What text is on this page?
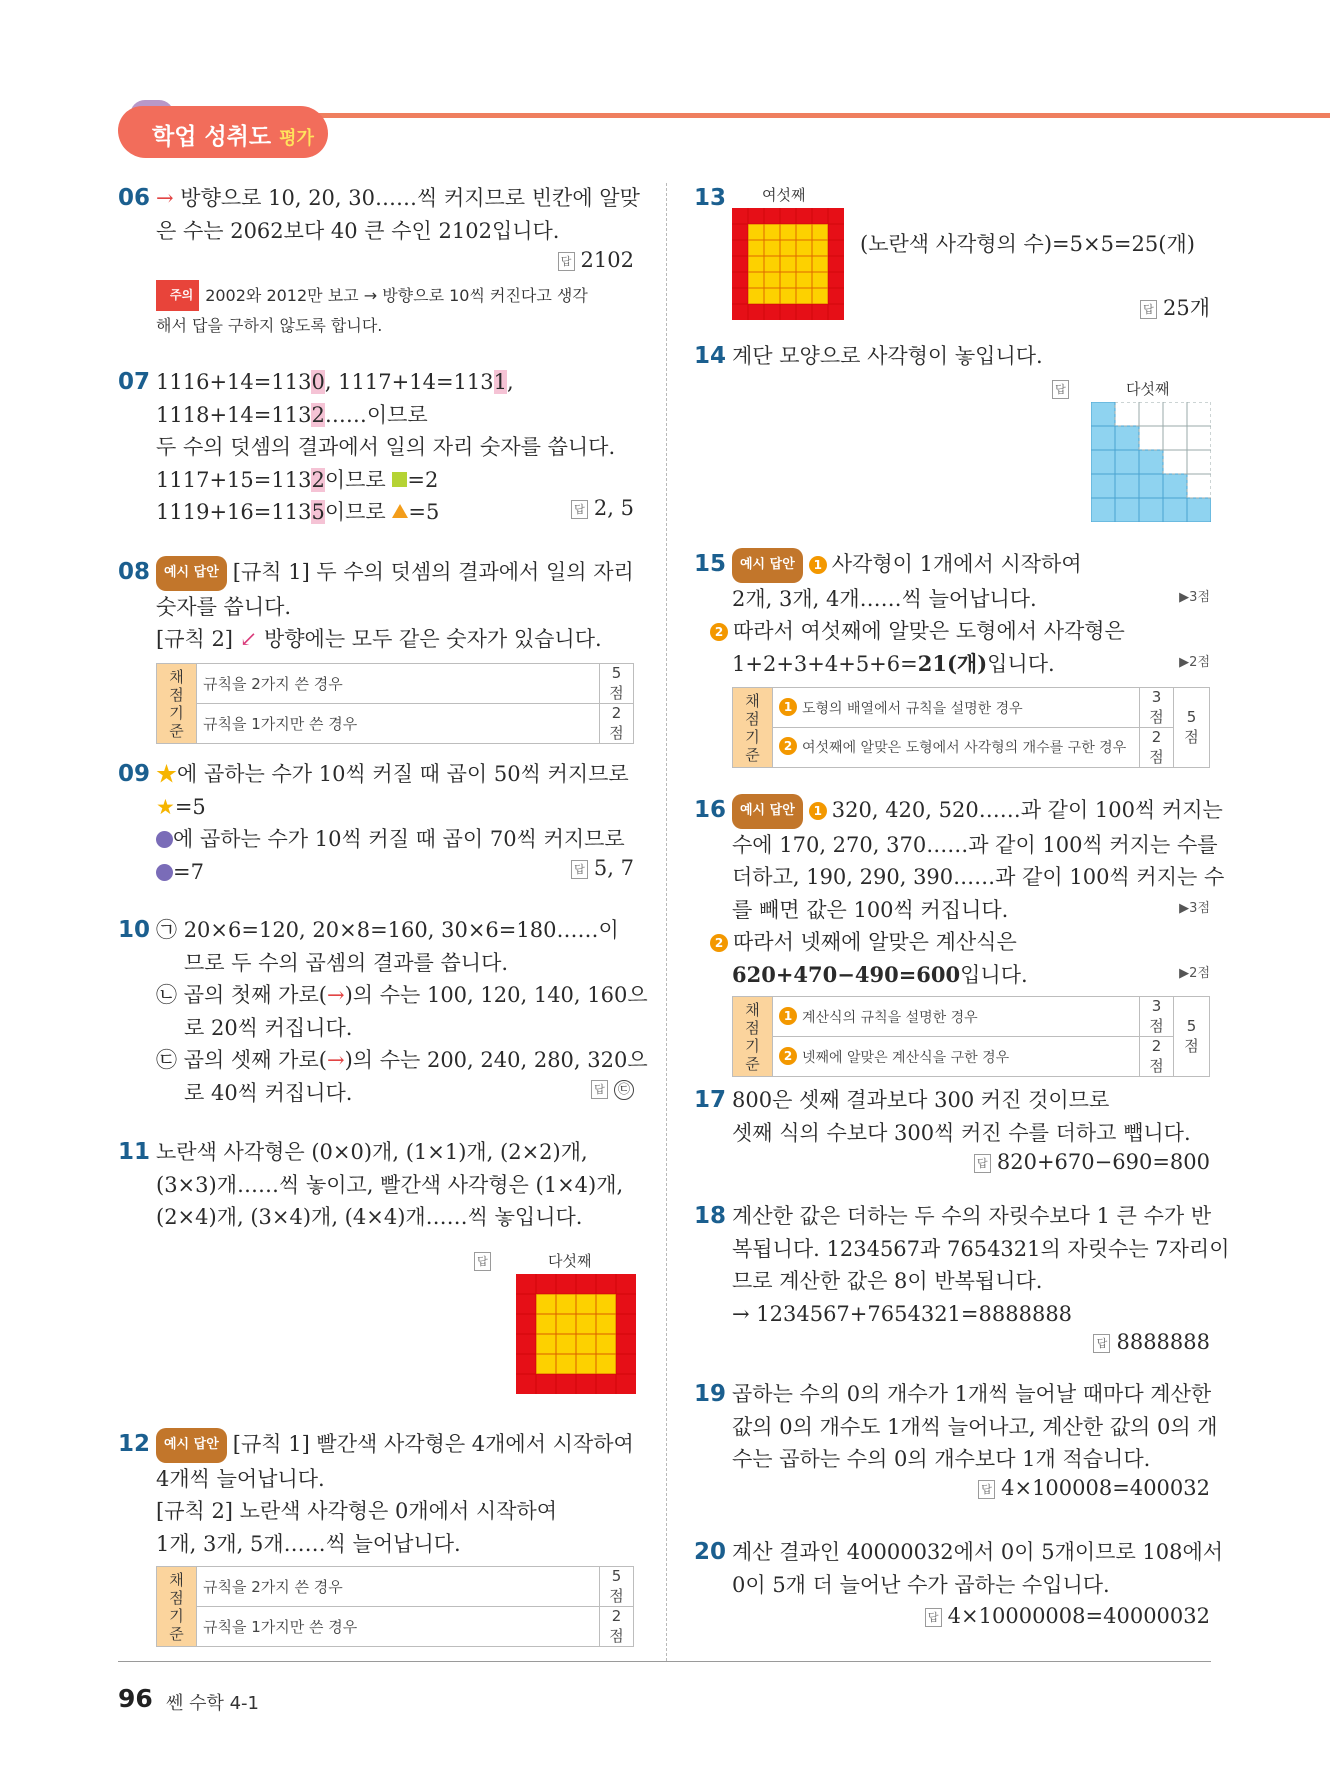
학업 성취도 평가
06 → 방향으로 10, 20, 30……씩 커지므로 빈칸에 알맞
은 수는 2062보다 40 큰 수인 2102입니다.
답 2102
주의 2002와 2012만 보고 → 방향으로 10씩 커진다고 생각
해서 답을 구하지 않도록 합니다.
07 1116+14=1130, 1117+14=1131,
1118+14=1132……이므로
두 수의 덧셈의 결과에서 일의 자리 숫자를 씁니다.
1117+15=1132이므로 =2
1119+16=1135이므로 =5	답 2, 5
08	예시 답안 [규칙 1] 두 수의 덧셈의 결과에서 일의 자리
숫자를 씁니다.
[규칙 2] ↙ 방향에는 모두 같은 숫자가 있습니다.
채점 기준	규칙을 2가지 쓴 경우	5점
	규칙을 1가지만 쓴 경우	2점
09 ★에 곱하는 수가 10씩 커질 때 곱이 50씩 커지므로
★=5
에 곱하는 수가 10씩 커질 때 곱이 70씩 커지므로
=7	답 5, 7
10 ㉠ 20×6=120, 20×8=160, 30×6=180……이
므로 두 수의 곱셈의 결과를 씁니다.
㉡ 곱의 첫째 가로(→)의 수는 100, 120, 140, 160으
로 20씩 커집니다.
㉢ 곱의 셋째 가로(→)의 수는 200, 240, 280, 320으
로 40씩 커집니다.	답 ㉢
11 노란색 사각형은 (0×0)개, (1×1)개, (2×2)개,
(3×3)개……씩 놓이고, 빨간색 사각형은 (1×4)개,
(2×4)개, (3×4)개, (4×4)개……씩 놓입니다.
답	다섯째
12	예시 답안 [규칙 1] 빨간색 사각형은 4개에서 시작하여
4개씩 늘어납니다.
[규칙 2] 노란색 사각형은 0개에서 시작하여
1개, 3개, 5개……씩 늘어납니다.
채점 기준	규칙을 2가지 쓴 경우	5점
	규칙을 1가지만 쓴 경우	2점
13 여섯째
(노란색 사각형의 수)=5×5=25(개)
답 25개
14 계단 모양으로 사각형이 놓입니다.
답	다섯째
15	예시 답안 1 사각형이 1개에서 시작하여
2개, 3개, 4개……씩 늘어납니다.
2 따라서 여섯째에 알맞은 도형에서 사각형은
1+2+3+4+5+6=21(개)입니다.
▶3점
▶2점
채점 기준	1 도형의 배열에서 규칙을 설명한 경우	3점	5점
	2 여섯째에 알맞은 도형에서 사각형의 개수를 구한 경우	2점	
16	예시 답안 1 320, 420, 520……과 같이 100씩 커지는
수에 170, 270, 370……과 같이 100씩 커지는 수를
더하고, 190, 290, 390……과 같이 100씩 커지는 수
를 빼면 값은 100씩 커집니다.
2 따라서 넷째에 알맞은 계산식은
620+470−490=600입니다.
▶3점
▶2점
채점 기준	1 계산식의 규칙을 설명한 경우	3점	5점
	2 넷째에 알맞은 계산식을 구한 경우	2점	
17 800은 셋째 결과보다 300 커진 것이므로
셋째 식의 수보다 300씩 커진 수를 더하고 뺍니다.
답 820+670−690=800
18 계산한 값은 더하는 두 수의 자릿수보다 1 큰 수가 반
복됩니다. 1234567과 7654321의 자릿수는 7자리이
므로 계산한 값은 8이 반복됩니다.
→ 1234567+7654321=8888888
답 8888888
19 곱하는 수의 0의 개수가 1개씩 늘어날 때마다 계산한
값의 0의 개수도 1개씩 늘어나고, 계산한 값의 0의 개
수는 곱하는 수의 0의 개수보다 1개 적습니다.
답 4×100008=400032
20 계산 결과인 40000032에서 0이 5개이므로 108에서
0이 5개 더 늘어난 수가 곱하는 수입니다.
답 4×10000008=40000032
96 쎈 수학 4-1
